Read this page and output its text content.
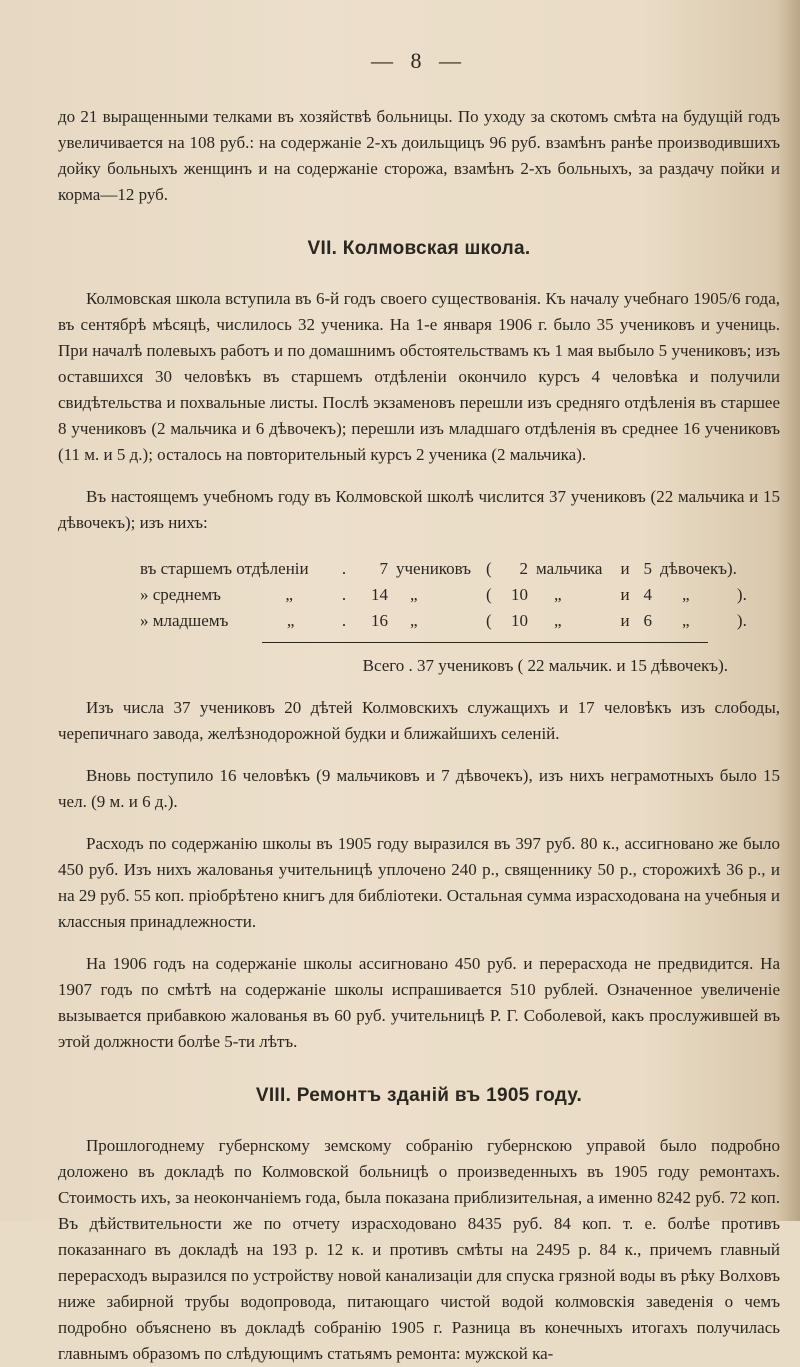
— 8 —

до 21 выращенными телками въ хозяйствѣ больницы. По уходу за скотомъ смѣта на будущій годъ увеличивается на 108 руб.: на содержаніе 2-хъ доильщицъ 96 руб. взамѣнъ ранѣе производившихъ дойку больныхъ женщинъ и на содержаніе сторожа, взамѣнъ 2-хъ больныхъ, за раздачу пойки и корма—12 руб.

VII. Колмовская школа.

Колмовская школа вступила въ 6-й годъ своего существованія. Къ началу учебнаго 1905/6 года, въ сентябрѣ мѣсяцѣ, числилось 32 ученика. На 1-е января 1906 г. было 35 учениковъ и учениць. При началѣ полевыхъ работъ и по домашнимъ обстоятельствамъ къ 1 мая выбыло 5 учениковъ; изъ оставшихся 30 человѣкъ въ старшемъ отдѣленіи окончило курсъ 4 человѣка и получили свидѣтельства и похвальные листы. Послѣ экзаменовъ перешли изъ средняго отдѣленія въ старшее 8 учениковъ (2 мальчика и 6 дѣвочекъ); перешли изъ младшаго отдѣленія въ среднее 16 учениковъ (11 м. и 5 д.); осталось на повторительный курсъ 2 ученика (2 мальчика).

Въ настоящемъ учебномъ году въ Колмовской школѣ числится 37 учениковъ (22 мальчика и 15 дѣвочекъ); изъ нихъ:

въ старшемъ отдѣленіи	.	7	учениковъ	(	2	мальчика	и	5	дѣвочекъ).	
» среднемъ „	.	14	„	(	10	„	и	4	„	).
» младшемъ „	.	16	„	(	10	„	и	6	„	).
Всего . 37 учениковъ ( 22 мальчик. и 15 дѣвочекъ).

Изъ числа 37 учениковъ 20 дѣтей Колмовскихъ служащихъ и 17 человѣкъ изъ слободы, черепичнаго завода, желѣзнодорожной будки и ближайшихъ селеній.

Вновь поступило 16 человѣкъ (9 мальчиковъ и 7 дѣвочекъ), изъ нихъ неграмотныхъ было 15 чел. (9 м. и 6 д.).

Расходъ по содержанію школы въ 1905 году выразился въ 397 руб. 80 к., ассигновано же было 450 руб. Изъ нихъ жалованья учительницѣ уплочено 240 р., священнику 50 р., сторожихѣ 36 р., и на 29 руб. 55 коп. пріобрѣтено книгъ для библіотеки. Остальная сумма израсходована на учебныя и классныя принадлежности.

На 1906 годъ на содержаніе школы ассигновано 450 руб. и перерасхода не предвидится. На 1907 годъ по смѣтѣ на содержаніе школы испрашивается 510 рублей. Означенное увеличеніе вызывается прибавкою жалованья въ 60 руб. учительницѣ Р. Г. Соболевой, какъ прослужившей въ этой должности болѣе 5-ти лѣтъ.

VIII. Ремонтъ зданій въ 1905 году.

Прошлогоднему губернскому земскому собранію губернскою управой было подробно доложено въ докладѣ по Колмовской больницѣ о произведенныхъ въ 1905 году ремонтахъ. Стоимость ихъ, за неокончаніемъ года, была показана приблизительная, а именно 8242 руб. 72 коп. Въ дѣйствительности же по отчету израсходовано 8435 руб. 84 коп. т. е. болѣе противъ показаннаго въ докладѣ на 193 р. 12 к. и противъ смѣты на 2495 р. 84 к., причемъ главный перерасходъ выразился по устройству новой канализаціи для спуска грязной воды въ рѣку Волховъ ниже забирной трубы водопровода, питающаго чистой водой колмовскія заведенія о чемъ подробно объяснено въ докладѣ собранію 1905 г. Разница въ конечныхъ итогахъ получилась главнымъ образомъ по слѣдующимъ статьямъ ремонта: мужской ка-
